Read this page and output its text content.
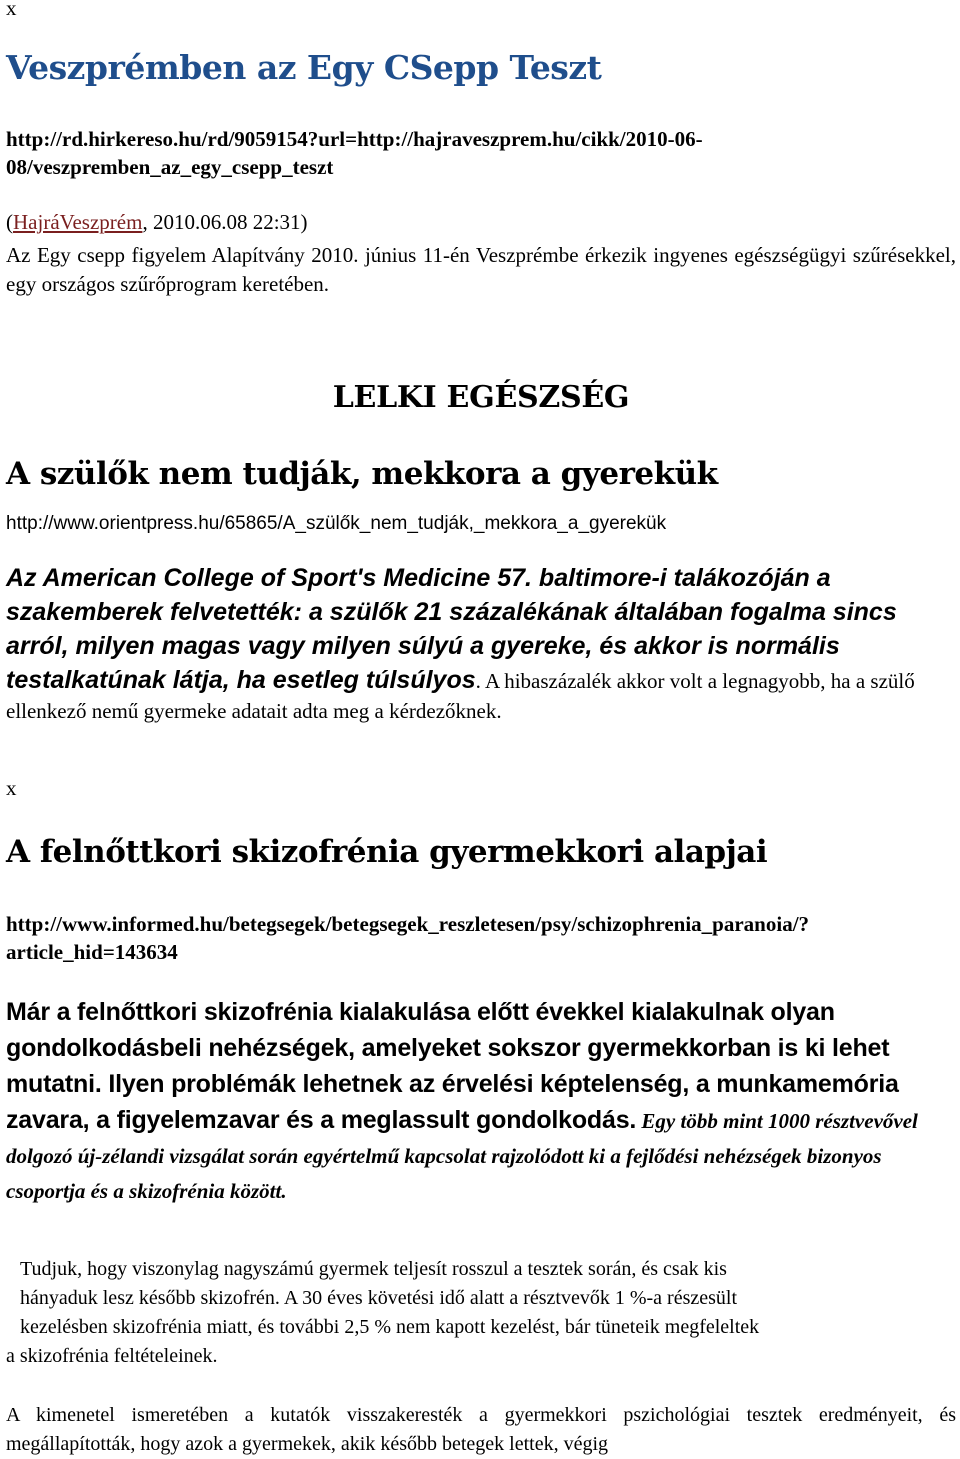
x
Veszprémben az Egy CSepp Teszt
http://rd.hirkereso.hu/rd/9059154?url=http://hajraveszprem.hu/cikk/2010-06-08/veszpremben_az_egy_csepp_teszt
(HajráVeszprém, 2010.06.08 22:31)
Az Egy csepp figyelem Alapítvány 2010. június 11-én Veszprémbe érkezik ingyenes egészségügyi szűrésekkel, egy országos szűrőprogram keretében.
LELKI EGÉSZSÉG
A szülők nem tudják, mekkora a gyerekük
http://www.orientpress.hu/65865/A_szülők_nem_tudják,_mekkora_a_gyerekük
Az American College of Sport's Medicine 57. baltimore-i talákozóján a szakemberek felvetették: a szülők 21 százalékának általában fogalma sincs arról, milyen magas vagy milyen súlyú a gyereke, és akkor is normális testalkatúnak látja, ha esetleg túlsúlyos. A hibaszázalék akkor volt a legnagyobb, ha a szülő ellenkező nemű gyermeke adatait adta meg a kérdezőknek.
x
A felnőttkori skizofrénia gyermekkori alapjai
http://www.informed.hu/betegsegek/betegsegek_reszletesen/psy/schizophrenia_paranoia/?article_hid=143634
Már a felnőttkori skizofrénia kialakulása előtt évekkel kialakulnak olyan gondolkodásbeli nehézségek, amelyeket sokszor gyermekkorban is ki lehet mutatni. Ilyen problémák lehetnek az érvelési képtelenség, a munkamemória zavara, a figyelemzavar és a meglassult gondolkodás. Egy több mint 1000 résztvevővel dolgozó új-zélandi vizsgálat során egyértelmű kapcsolat rajzolódott ki a fejlődési nehézségek bizonyos csoportja és a skizofrénia között.
Tudjuk, hogy viszonylag nagyszámú gyermek teljesít rosszul a tesztek során, és csak kis
hányaduk lesz később skizofrén. A 30 éves követési idő alatt a résztvevők 1 %-a részesült
kezelésben skizofrénia miatt, és további 2,5 % nem kapott kezelést, bár tüneteik megfeleltek
a skizofrénia feltételeinek.
A kimenetel ismeretében a kutatók visszakeresték a gyermekkori pszichológiai tesztek eredményeit, és megállapították, hogy azok a gyermekek, akik később betegek lettek, végig
